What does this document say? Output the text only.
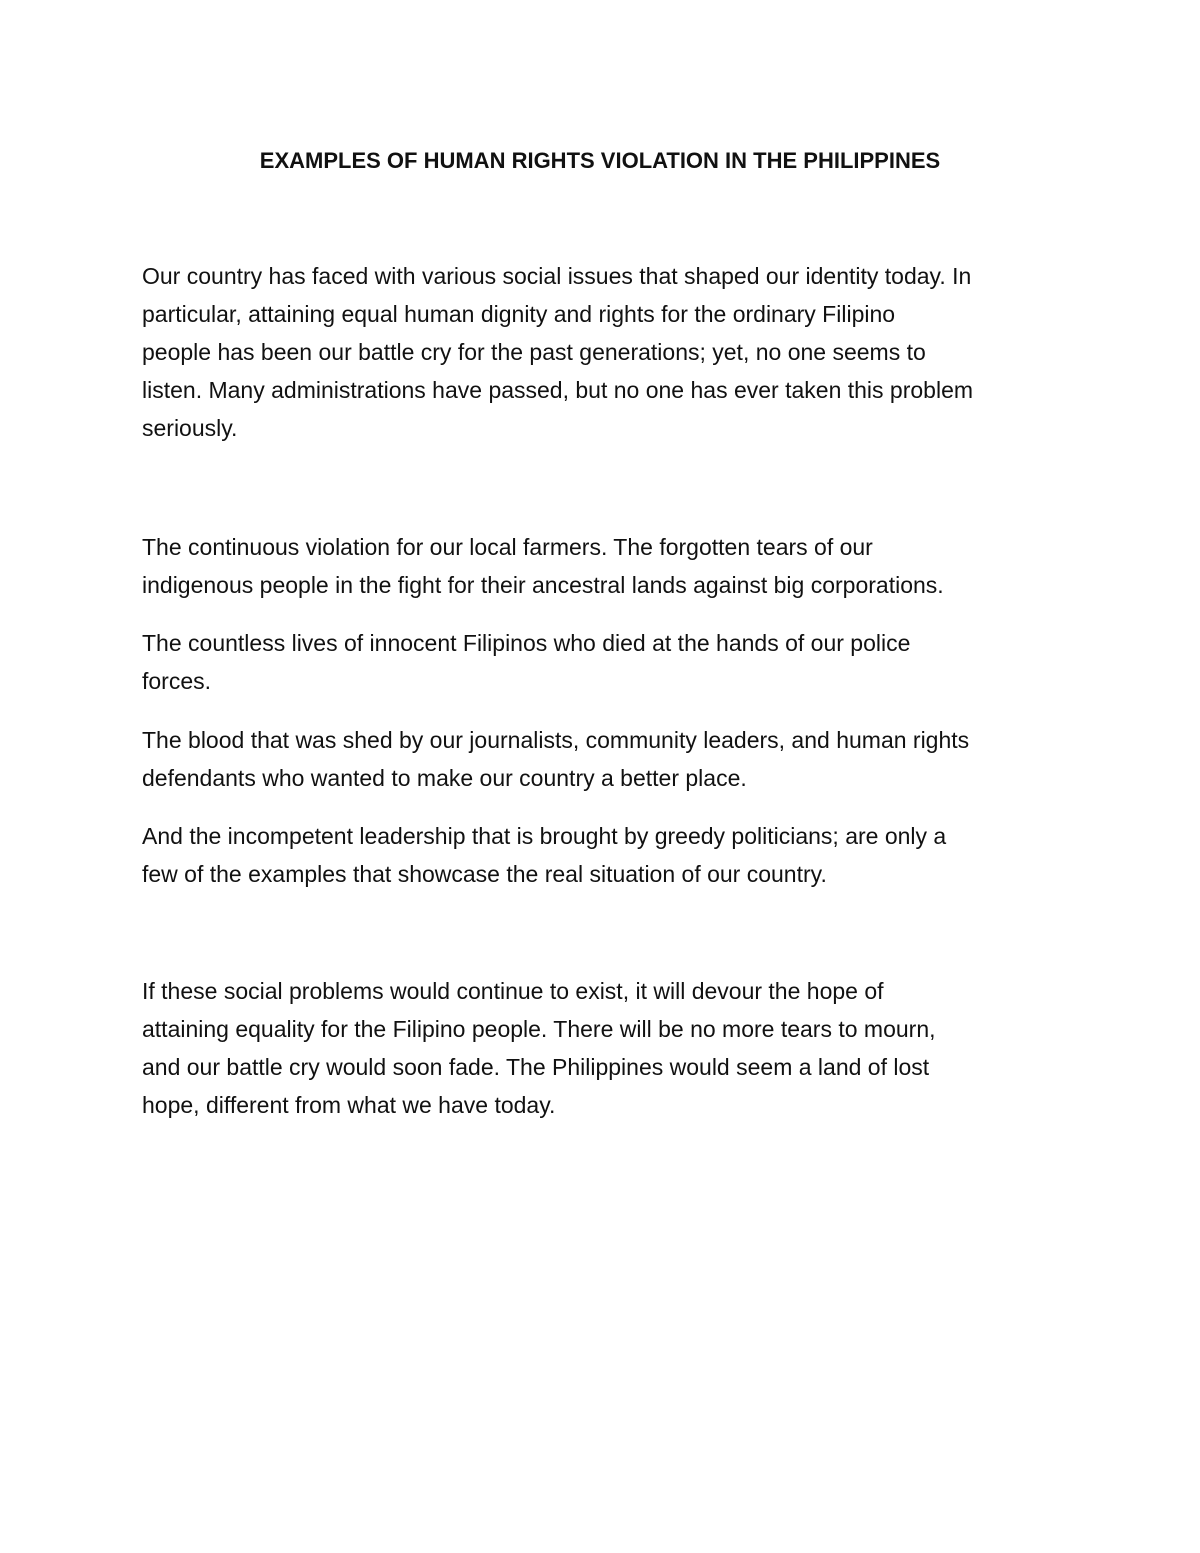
EXAMPLES OF HUMAN RIGHTS VIOLATION IN THE PHILIPPINES

Our country has faced with various social issues that shaped our identity today. In
particular, attaining equal human dignity and rights for the ordinary Filipino
people has been our battle cry for the past generations; yet, no one seems to
listen. Many administrations have passed, but no one has ever taken this problem
seriously.

The continuous violation for our local farmers. The forgotten tears of our
indigenous people in the fight for their ancestral lands against big corporations.

The countless lives of innocent Filipinos who died at the hands of our police
forces.

The blood that was shed by our journalists, community leaders, and human rights
defendants who wanted to make our country a better place.

And the incompetent leadership that is brought by greedy politicians; are only a
few of the examples that showcase the real situation of our country.

If these social problems would continue to exist, it will devour the hope of
attaining equality for the Filipino people. There will be no more tears to mourn,
and our battle cry would soon fade. The Philippines would seem a land of lost
hope, different from what we have today.
